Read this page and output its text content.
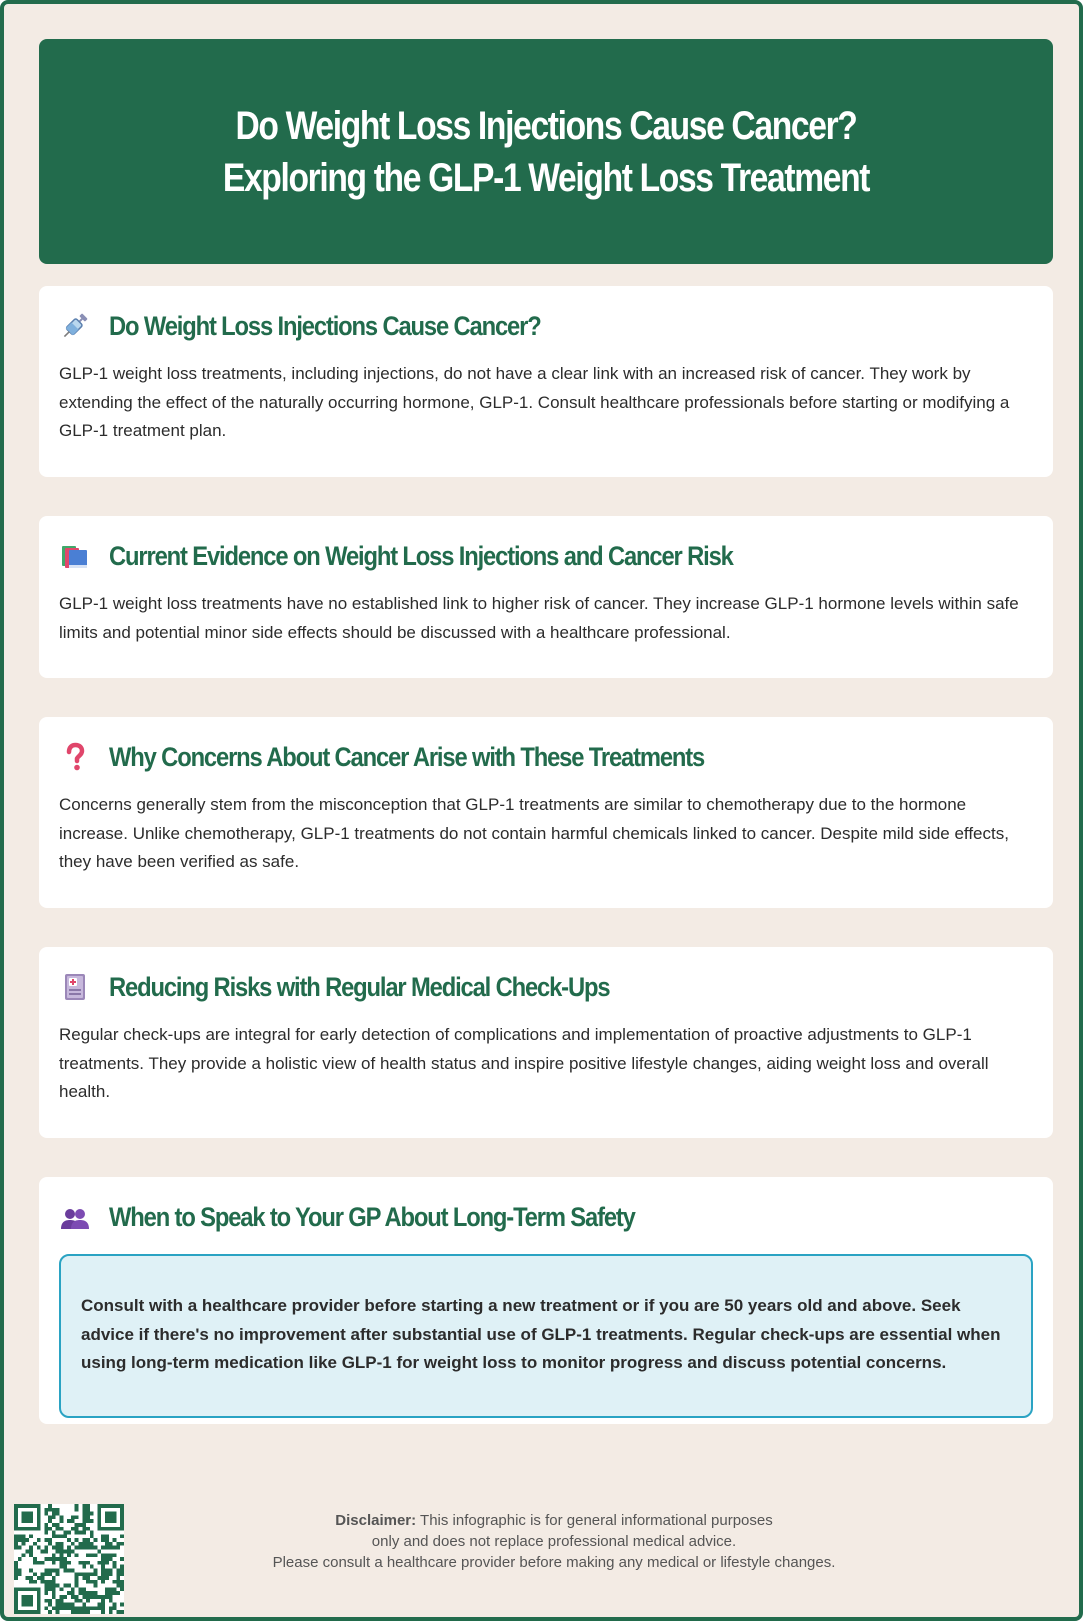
Do Weight Loss Injections Cause Cancer? Exploring the GLP-1 Weight Loss Treatment
Do Weight Loss Injections Cause Cancer?

GLP-1 weight loss treatments, including injections, do not have a clear link with an increased risk of cancer. They work by extending the effect of the naturally occurring hormone, GLP-1. Consult healthcare professionals before starting or modifying a GLP-1 treatment plan.

Current Evidence on Weight Loss Injections and Cancer Risk

GLP-1 weight loss treatments have no established link to higher risk of cancer. They increase GLP-1 hormone levels within safe limits and potential minor side effects should be discussed with a healthcare professional.

Why Concerns About Cancer Arise with These Treatments

Concerns generally stem from the misconception that GLP-1 treatments are similar to chemotherapy due to the hormone increase. Unlike chemotherapy, GLP-1 treatments do not contain harmful chemicals linked to cancer. Despite mild side effects, they have been verified as safe.

Reducing Risks with Regular Medical Check-Ups

Regular check-ups are integral for early detection of complications and implementation of proactive adjustments to GLP-1 treatments. They provide a holistic view of health status and inspire positive lifestyle changes, aiding weight loss and overall health.

When to Speak to Your GP About Long-Term Safety

Consult with a healthcare provider before starting a new treatment or if you are 50 years old and above. Seek advice if there's no improvement after substantial use of GLP-1 treatments. Regular check-ups are essential when using long-term medication like GLP-1 for weight loss to monitor progress and discuss potential concerns.

Disclaimer: This infographic is for general informational purposes
only and does not replace professional medical advice.
Please consult a healthcare provider before making any medical or lifestyle changes.
